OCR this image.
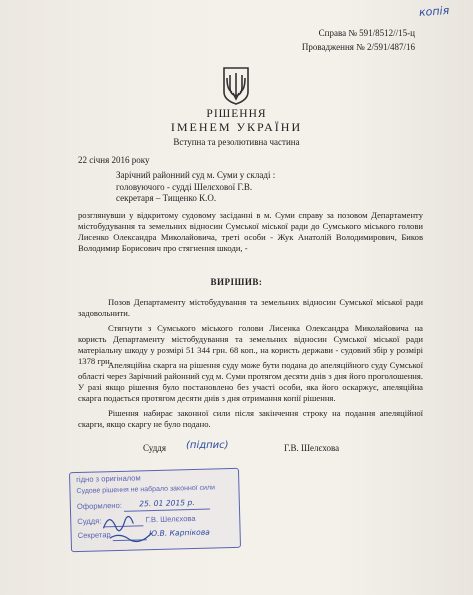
копія
Справа № 591/8512//15-ц
Провадження № 2/591/487/16
РІШЕННЯ
ІМЕНЕМ УКРАЇНИ
Вступна та резолютивна частина
22 січня 2016 року
Зарічний районний суд м. Суми у складі :
головуючого - судді Шелєхової Г.В.
секретаря – Тищенко К.О.
розглянувши у відкритому судовому засіданні в м. Суми справу за позовом Департаменту містобудування та земельних відносин Сумської міської ради до Сумського міського голови Лисенко Олександра Миколайовича, треті особи - Жук Анатолій Володимирович, Биков Володимир Борисович про стягнення шкоди, -
ВИРІШИВ:
Позов Департаменту містобудування та земельних відносин Сумської міської ради задовольнити.
Стягнути з Сумського міського голови Лисенка Олександра Миколайовича на користь Департаменту містобудування та земельних відносин Сумської міської ради матеріальну шкоду у розмірі 51 344 грн. 68 коп., на користь держави - судовий збір у розмірі 1378 грн.
Апеляційна скарга на рішення суду може бути подана до апеляційного суду Сумської області через Зарічний районний суд м. Суми протягом десяти днів з дня його проголошення. У разі якщо рішення було постановлено без участі особи, яка його оскаржує, апеляційна скарга подається протягом десяти днів з дня отримання копії рішення.
Рішення набирає законної сили після закінчення строку на подання апеляційної скарги, якщо скаргу не було подано.
Суддя (підпис)	Г.В. Шелєхова
гідно з оригіналом
Судове рішення не набрало законної сили
Оформлено: 25. 01 2015 р.
Суддя:	Г.В. Шелєхова
Секретар	Ю.В. Карпікова
